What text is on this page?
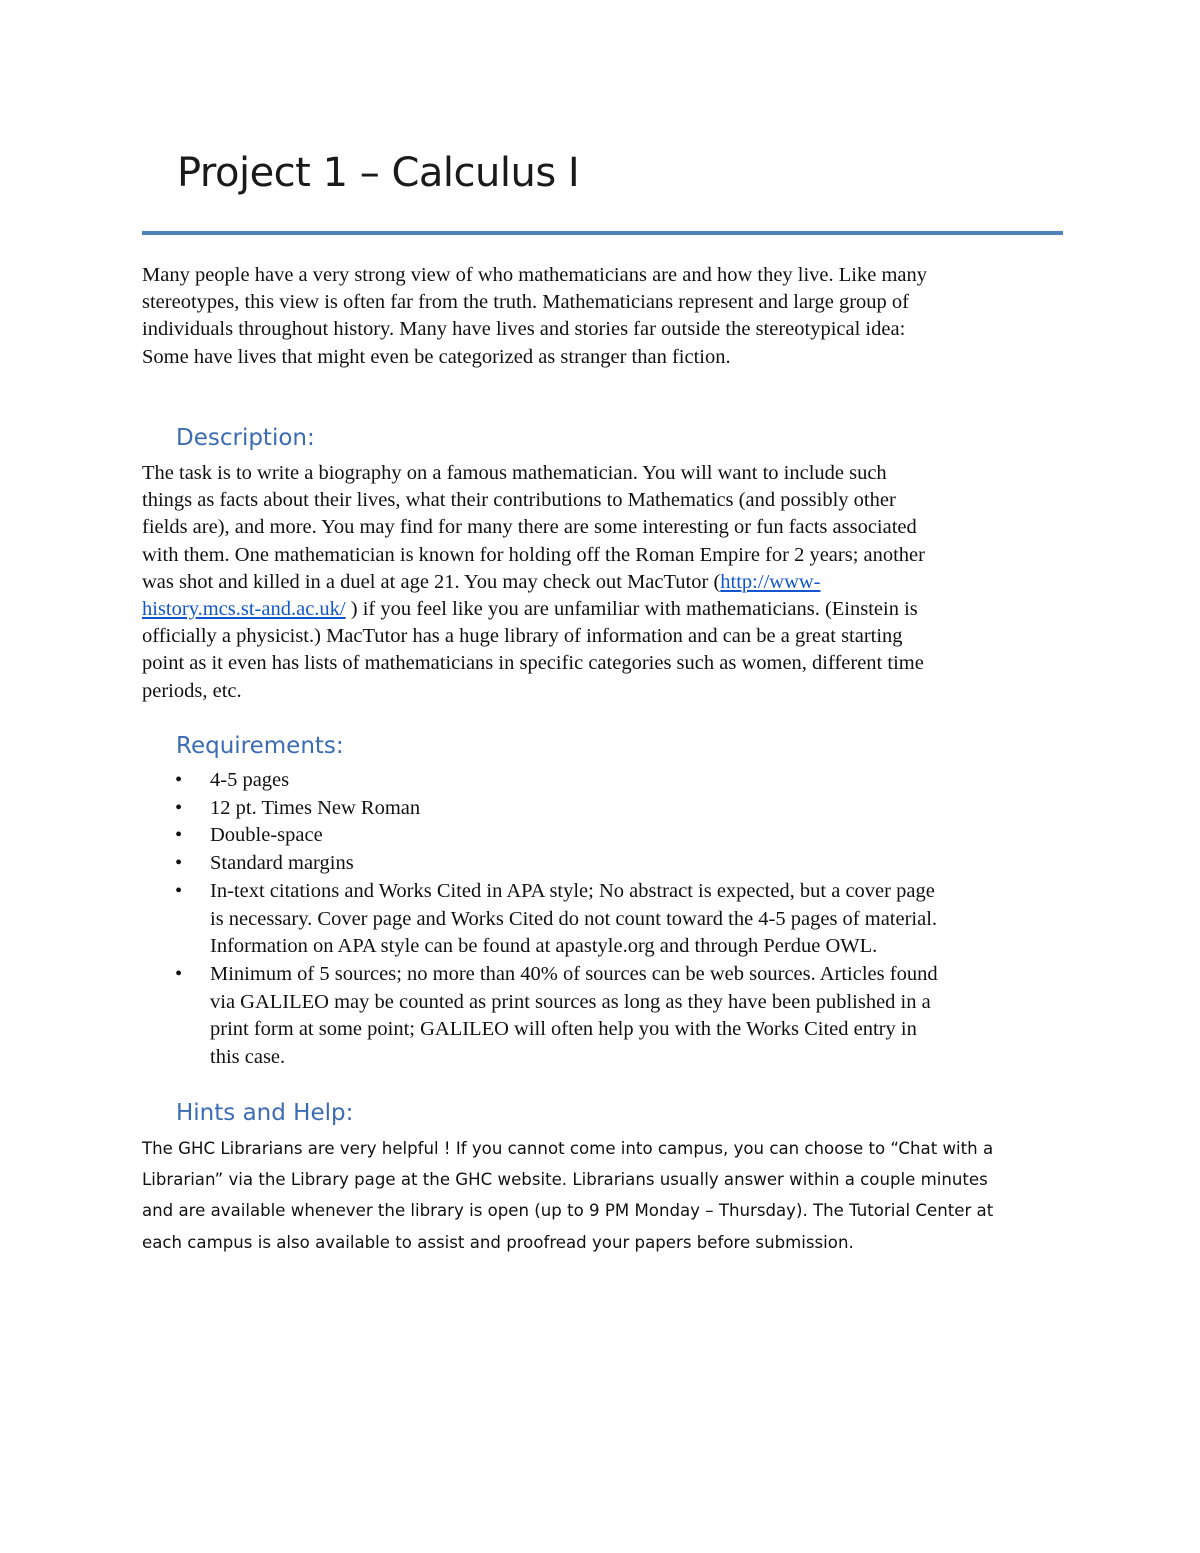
Project 1 – Calculus I
Many people have a very strong view of who mathematicians are and how they live. Like many
stereotypes, this view is often far from the truth. Mathematicians represent and large group of
individuals throughout history. Many have lives and stories far outside the stereotypical idea:
Some have lives that might even be categorized as stranger than fiction.
Description:
The task is to write a biography on a famous mathematician. You will want to include such
things as facts about their lives, what their contributions to Mathematics (and possibly other
fields are), and more. You may find for many there are some interesting or fun facts associated
with them. One mathematician is known for holding off the Roman Empire for 2 years; another
was shot and killed in a duel at age 21. You may check out MacTutor (http://www-
history.mcs.st-and.ac.uk/ ) if you feel like you are unfamiliar with mathematicians. (Einstein is
officially a physicist.) MacTutor has a huge library of information and can be a great starting
point as it even has lists of mathematicians in specific categories such as women, different time
periods, etc.
Requirements:
• 4-5 pages
• 12 pt. Times New Roman
• Double-space
• Standard margins
• In-text citations and Works Cited in APA style; No abstract is expected, but a cover page
is necessary. Cover page and Works Cited do not count toward the 4-5 pages of material.
Information on APA style can be found at apastyle.org and through Perdue OWL.
• Minimum of 5 sources; no more than 40% of sources can be web sources. Articles found
via GALILEO may be counted as print sources as long as they have been published in a
print form at some point; GALILEO will often help you with the Works Cited entry in
this case.
Hints and Help:
The GHC Librarians are very helpful ! If you cannot come into campus, you can choose to “Chat with a
Librarian” via the Library page at the GHC website. Librarians usually answer within a couple minutes
and are available whenever the library is open (up to 9 PM Monday – Thursday). The Tutorial Center at
each campus is also available to assist and proofread your papers before submission.
